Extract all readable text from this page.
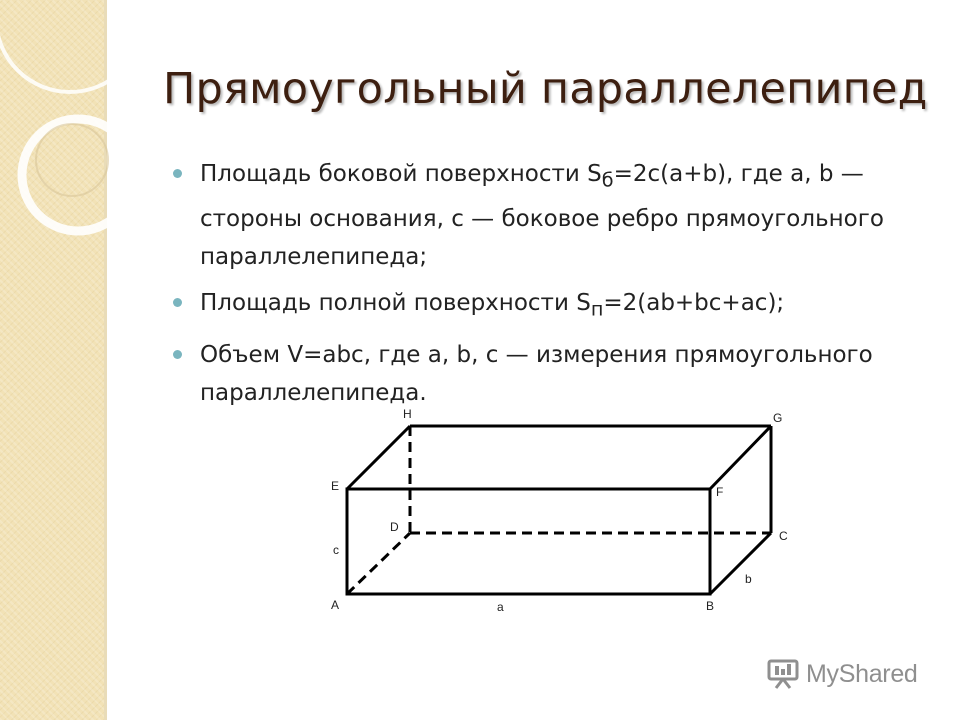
Прямоугольный параллелепипед
Площадь боковой поверхности $S_б=2c(a+b)$, где a, b — стороны основания, c — боковое ребро прямоугольного параллелепипеда;
Площадь полной поверхности $S_п=2(ab+bc+ac)$;
Объем V=abc, где a, b, c — измерения прямоугольного параллелепипеда.
A	B
C
D
E	F
G
H
a
b
c
MyShared
